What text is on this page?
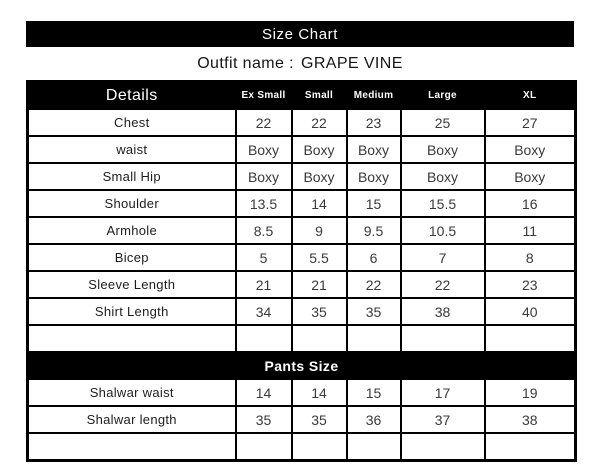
Size Chart
Outfit name : GRAPE VINE
Details	Ex Small	Small	Medium	Large	XL
Chest	22	22	23	25	27
waist	Boxy	Boxy	Boxy	Boxy	Boxy
Small Hip	Boxy	Boxy	Boxy	Boxy	Boxy
Shoulder	13.5	14	15	15.5	16
Armhole	8.5	9	9.5	10.5	11
Bicep	5	5.5	6	7	8
Sleeve Length	21	21	22	22	23
Shirt Length	34	35	35	38	40

Pants Size					
Shalwar waist	14	14	15	17	19
Shalwar length	35	35	36	37	38
